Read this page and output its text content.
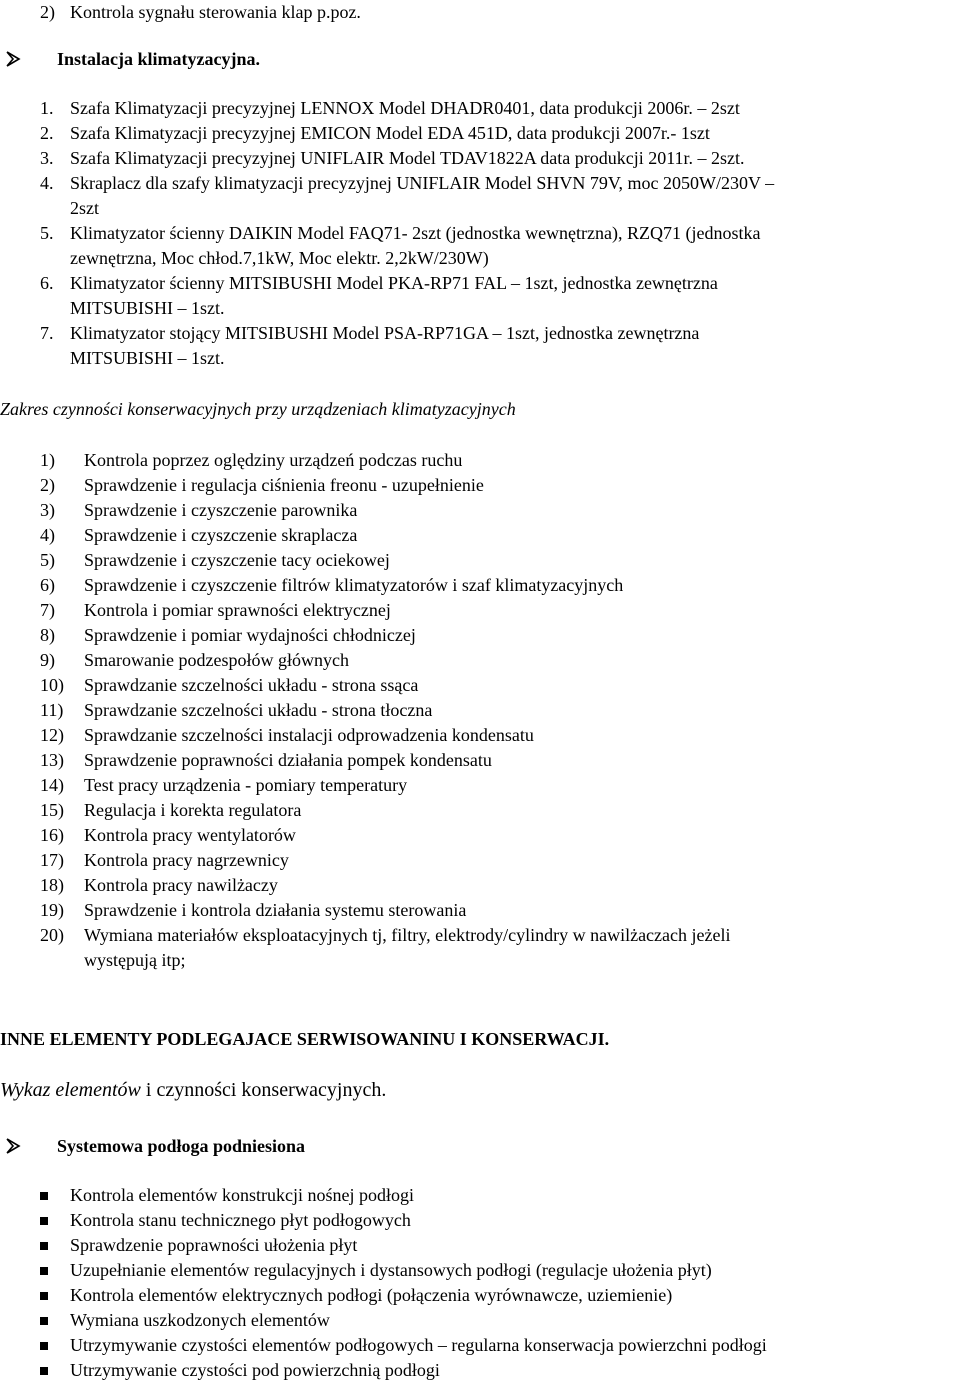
2) Kontrola sygnału sterowania klap p.poz.
Instalacja klimatyzacyjna.
1. Szafa Klimatyzacji precyzyjnej LENNOX Model DHADR0401, data produkcji 2006r. – 2szt
2. Szafa Klimatyzacji precyzyjnej EMICON Model EDA 451D, data produkcji 2007r.- 1szt
3. Szafa Klimatyzacji precyzyjnej UNIFLAIR Model TDAV1822A data produkcji 2011r. – 2szt.
4. Skraplacz dla szafy klimatyzacji precyzyjnej UNIFLAIR Model SHVN 79V, moc 2050W/230V –
2szt
5. Klimatyzator ścienny DAIKIN Model FAQ71- 2szt (jednostka wewnętrzna), RZQ71 (jednostka
zewnętrzna, Moc chłod.7,1kW, Moc elektr. 2,2kW/230W)
6. Klimatyzator ścienny MITSIBUSHI Model PKA-RP71 FAL – 1szt, jednostka zewnętrzna
MITSUBISHI – 1szt.
7. Klimatyzator stojący MITSIBUSHI Model PSA-RP71GA – 1szt, jednostka zewnętrzna
MITSUBISHI – 1szt.
Zakres czynności konserwacyjnych przy urządzeniach klimatyzacyjnych
1) Kontrola poprzez oględziny urządzeń podczas ruchu
2) Sprawdzenie i regulacja ciśnienia freonu - uzupełnienie
3) Sprawdzenie i czyszczenie parownika
4) Sprawdzenie i czyszczenie skraplacza
5) Sprawdzenie i czyszczenie tacy ociekowej
6) Sprawdzenie i czyszczenie filtrów klimatyzatorów i szaf klimatyzacyjnych
7) Kontrola i pomiar sprawności elektrycznej
8) Sprawdzenie i pomiar wydajności chłodniczej
9) Smarowanie podzespołów głównych
10) Sprawdzanie szczelności układu - strona ssąca
11) Sprawdzanie szczelności układu - strona tłoczna
12) Sprawdzanie szczelności instalacji odprowadzenia kondensatu
13) Sprawdzenie poprawności działania pompek kondensatu
14) Test pracy urządzenia - pomiary temperatury
15) Regulacja i korekta regulatora
16) Kontrola pracy wentylatorów
17) Kontrola pracy nagrzewnicy
18) Kontrola pracy nawilżaczy
19) Sprawdzenie i kontrola działania systemu sterowania
20) Wymiana materiałów eksploatacyjnych tj, filtry, elektrody/cylindry w nawilżaczach jeżeli
występują itp;
INNE ELEMENTY PODLEGAJACE SERWISOWANINU I KONSERWACJI.
Wykaz elementów i czynności konserwacyjnych.
Systemowa podłoga podniesiona
Kontrola elementów konstrukcji nośnej podłogi
Kontrola stanu technicznego płyt podłogowych
Sprawdzenie poprawności ułożenia płyt
Uzupełnianie elementów regulacyjnych i dystansowych podłogi (regulacje ułożenia płyt)
Kontrola elementów elektrycznych podłogi (połączenia wyrównawcze, uziemienie)
Wymiana uszkodzonych elementów
Utrzymywanie czystości elementów podłogowych – regularna konserwacja powierzchni podłogi
Utrzymywanie czystości pod powierzchnią podłogi
